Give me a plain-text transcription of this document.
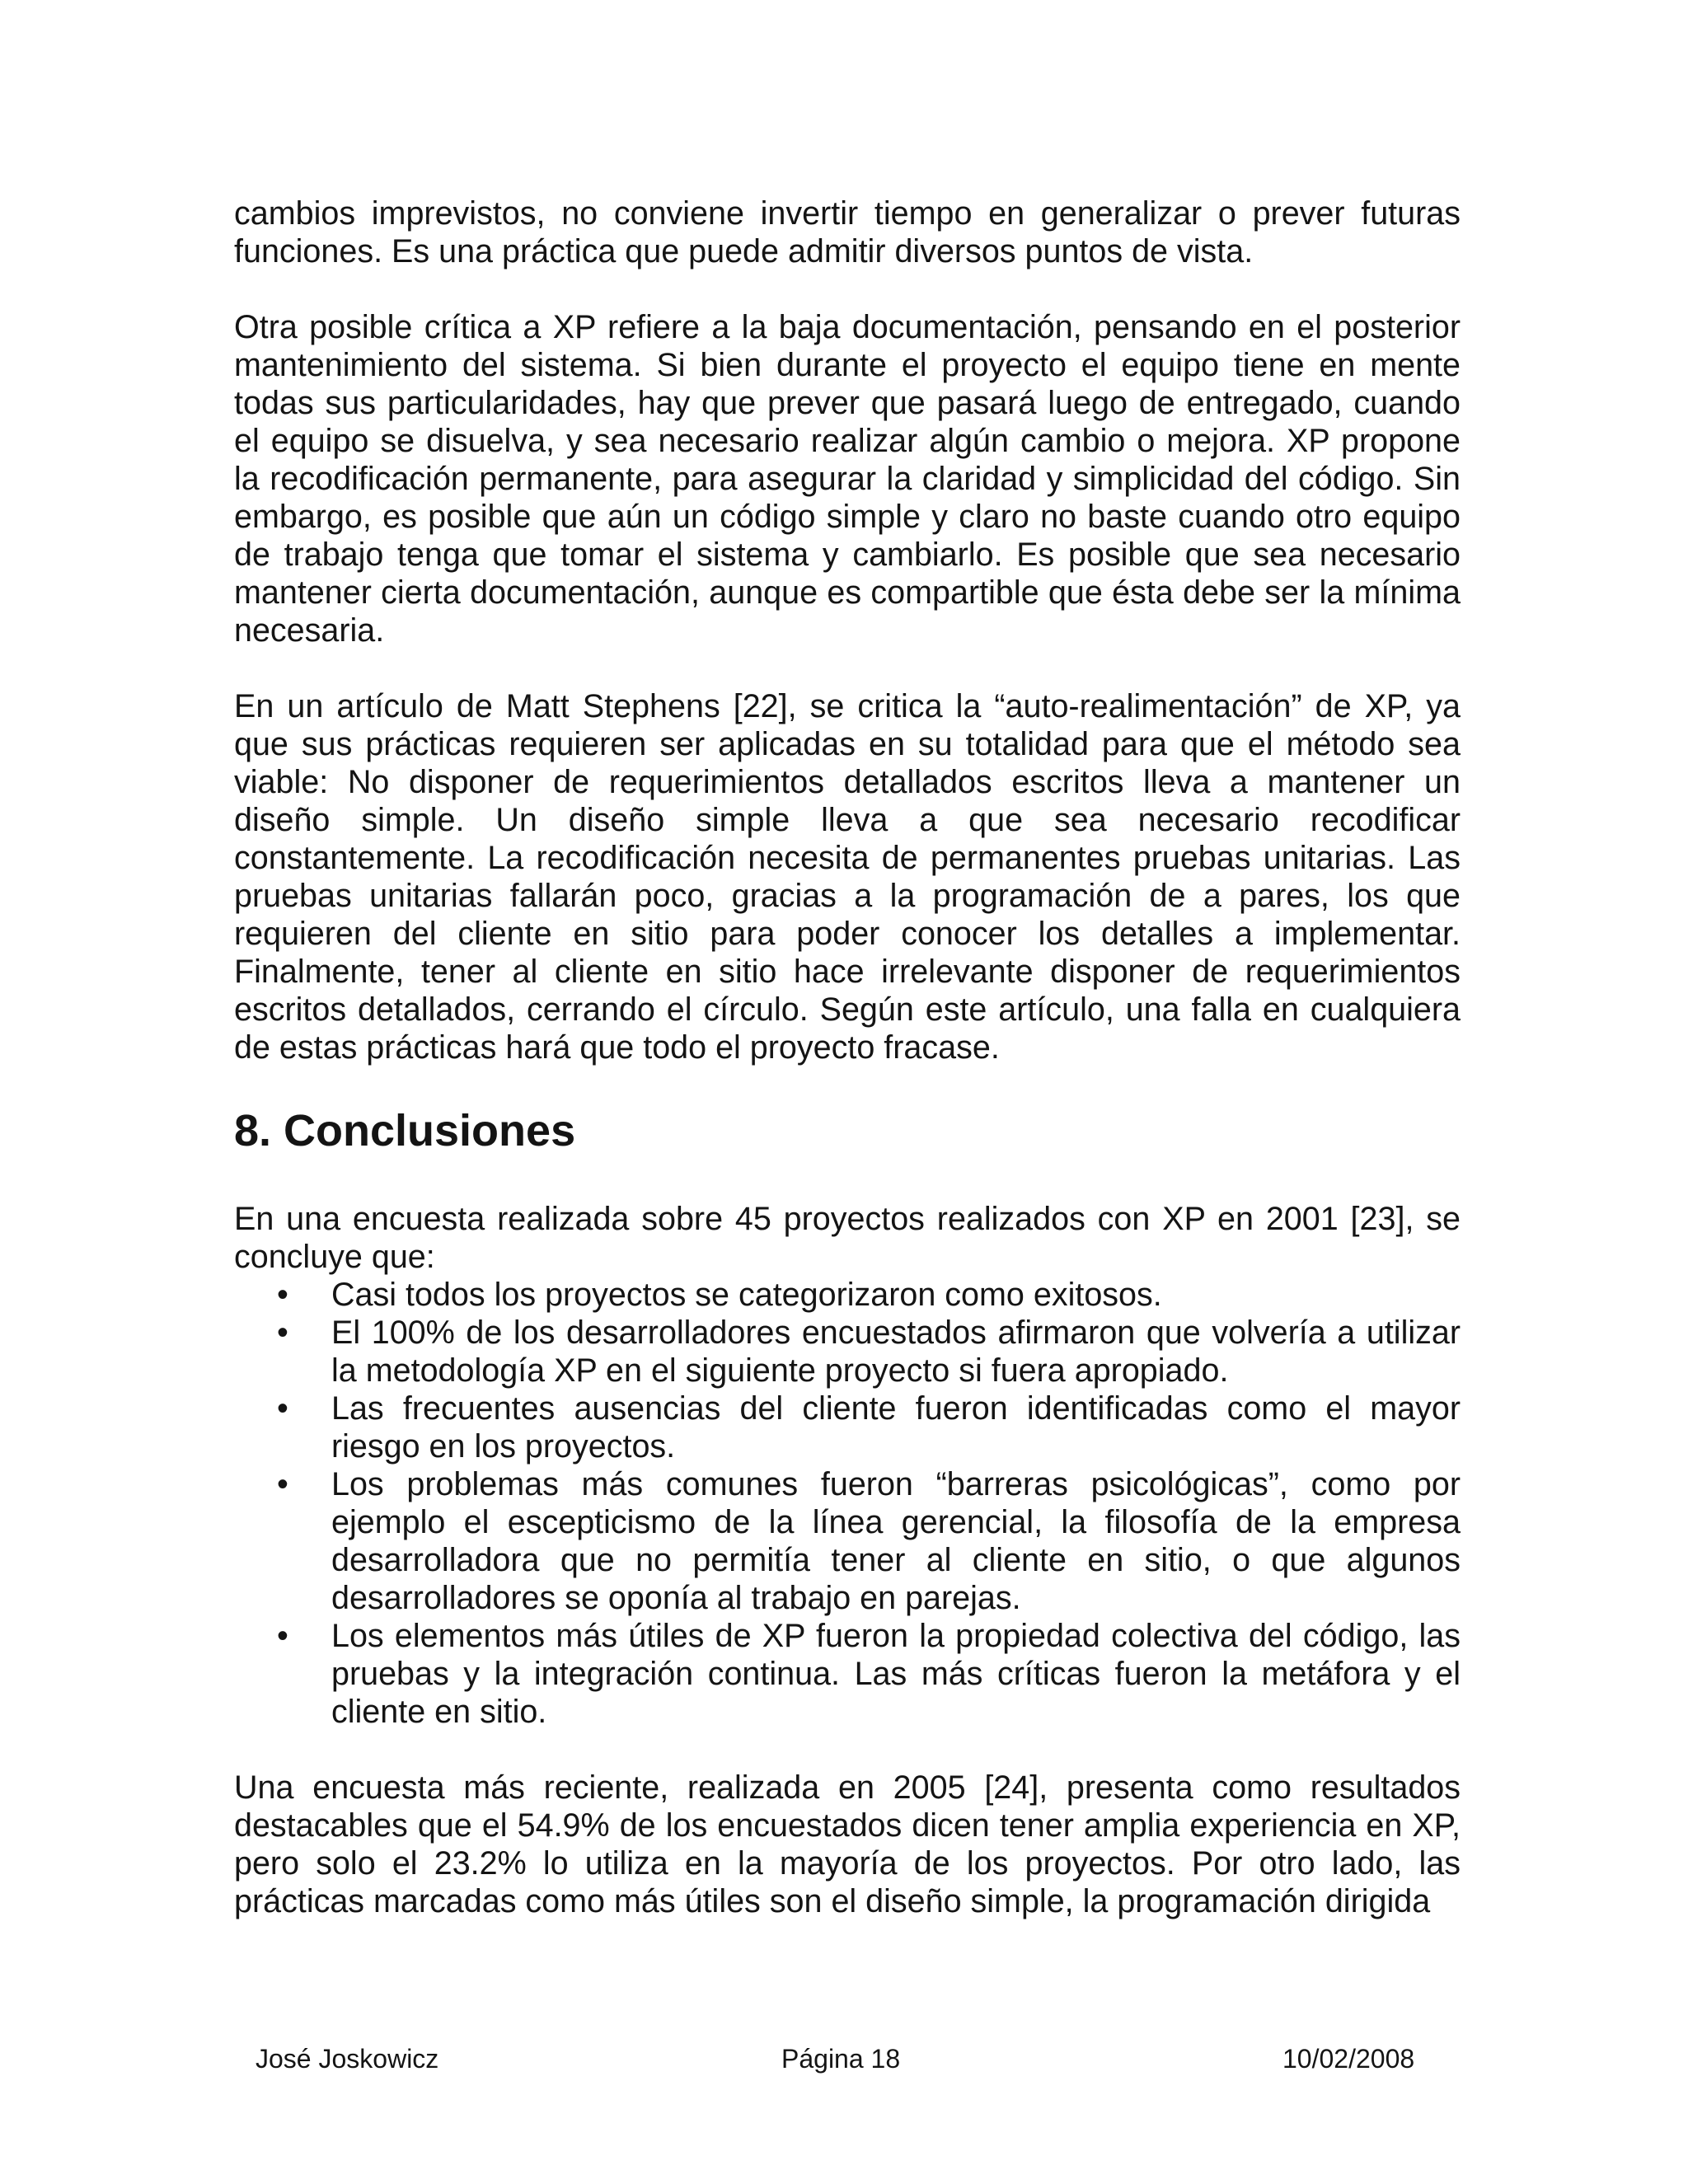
cambios imprevistos, no conviene invertir tiempo en generalizar o prever futuras funciones. Es una práctica que puede admitir diversos puntos de vista.

Otra posible crítica a XP refiere a la baja documentación, pensando en el posterior mantenimiento del sistema. Si bien durante el proyecto el equipo tiene en mente todas sus particularidades, hay que prever que pasará luego de entregado, cuando el equipo se disuelva, y sea necesario realizar algún cambio o mejora. XP propone la recodificación permanente, para asegurar la claridad y simplicidad del código. Sin embargo, es posible que aún un código simple y claro no baste cuando otro equipo de trabajo tenga que tomar el sistema y cambiarlo. Es posible que sea necesario mantener cierta documentación, aunque es compartible que ésta debe ser la mínima necesaria.

En un artículo de Matt Stephens [22], se critica la “auto-realimentación” de XP, ya que sus prácticas requieren ser aplicadas en su totalidad para que el método sea viable: No disponer de requerimientos detallados escritos lleva a mantener un diseño simple. Un diseño simple lleva a que sea necesario recodificar constantemente. La recodificación necesita de permanentes pruebas unitarias. Las pruebas unitarias fallarán poco, gracias a la programación de a pares, los que requieren del cliente en sitio para poder conocer los detalles a implementar. Finalmente, tener al cliente en sitio hace irrelevante disponer de requerimientos escritos detallados, cerrando el círculo. Según este artículo, una falla en cualquiera de estas prácticas hará que todo el proyecto fracase.

8. Conclusiones

En una encuesta realizada sobre 45 proyectos realizados con XP en 2001 [23], se concluye que:

• Casi todos los proyectos se categorizaron como exitosos.
• El 100% de los desarrolladores encuestados afirmaron que volvería a utilizar la metodología XP en el siguiente proyecto si fuera apropiado.
• Las frecuentes ausencias del cliente fueron identificadas como el mayor riesgo en los proyectos.
• Los problemas más comunes fueron “barreras psicológicas”, como por ejemplo el escepticismo de la línea gerencial, la filosofía de la empresa desarrolladora que no permitía tener al cliente en sitio, o que algunos desarrolladores se oponía al trabajo en parejas.
• Los elementos más útiles de XP fueron la propiedad colectiva del código, las pruebas y la integración continua. Las más críticas fueron la metáfora y el cliente en sitio.

Una encuesta más reciente, realizada en 2005 [24], presenta como resultados destacables que el 54.9% de los encuestados dicen tener amplia experiencia en XP, pero solo el 23.2% lo utiliza en la mayoría de los proyectos. Por otro lado, las prácticas marcadas como más útiles son el diseño simple, la programación dirigida

José Joskowicz	Página 18	10/02/2008
